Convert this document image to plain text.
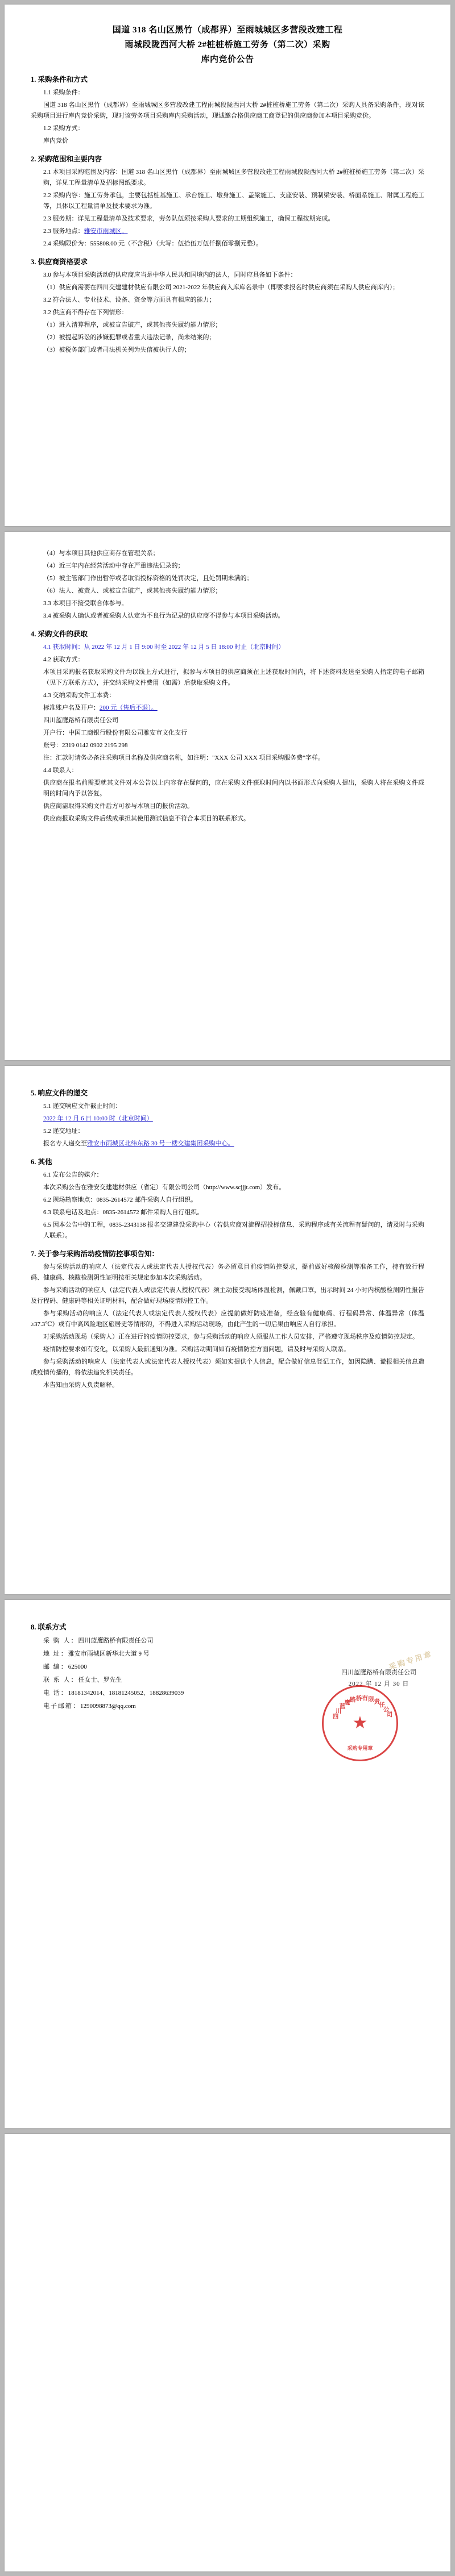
国道 318 名山区黑竹（成都界）至雨城城区多营段改建工程
雨城段陇西河大桥 2#桩桩桥施工劳务（第二次）采购
库内竞价公告
1. 采购条件和方式

1.1 采购条件：

国道 318 名山区黑竹（成都界）至雨城城区多营段改建工程雨城段陇西河大桥 2#桩桩桥施工劳务（第二次）采购人具备采购条件，现对该采购项目进行库内竞价采购，现对该劳务项目采购库内采购活动，现诚邀合格供应商工商登记的供应商参加本项目采购竞价。

1.2 采购方式：

库内竞价

2. 采购范围和主要内容

2.1 本项目采购范围及内容：国道 318 名山区黑竹（成都界）至雨城城区多营段改建工程雨城段陇西河大桥 2#桩桩桥施工劳务（第二次）采购，详见工程量清单及招标图纸要求。

2.2 采购内容：施工劳务承包，主要包括桩基施工、承台施工、墩身施工、盖梁施工、支座安装、预制梁安装、桥面系施工、附属工程施工等，具体以工程量清单及技术要求为准。

2.3 服务期：详见工程量清单及技术要求，劳务队伍须按采购人要求的工期组织施工，确保工程按期完成。

2.3 服务地点：雅安市雨城区。

2.4 采购限价为：555808.00 元（不含税）（大写：伍拾伍万伍仟捌佰零捌元整）。

3. 供应商资格要求

3.0 参与本项目采购活动的供应商应当是中华人民共和国境内的法人，同时应具备如下条件：

（1）供应商需要在四川交建建材供应有限公司 2021-2022 年供应商入库库名录中（即要求报名时供应商须在采购人供应商库内）；

3.2 符合法人、专业技术、设备、资金等方面具有相应的能力；

3.2 供应商不得存在下列情形：

（1）进入清算程序，或被宣告破产，或其他丧失履约能力情形；

（2）被提起诉讼的涉嫌犯罪或者重大违法记录，尚未结案的；

（3）被税务部门或者司法机关列为失信被执行人的；

（4）与本项目其他供应商存在管理关系；

（4）近三年内在经营活动中存在严重违法记录的；

（5）被主管部门作出暂停或者取消投标资格的处罚决定，且处罚期未满的；

（6）法人、被责人、或被宣告破产，或其他丧失履约能力情形；

3.3 本项目不接受联合体参与。

3.4 被采购人确认或者被采购人认定为不良行为记录的供应商不得参与本项目采购活动。

4. 采购文件的获取

4.1 获取时间：从 2022 年 12 月 1 日 9:00 时至 2022 年 12 月 5 日 18:00 时止（北京时间）

4.2 获取方式：

本项目采购报名获取采购文件均以线上方式进行，拟参与本项目的供应商须在上述获取时间内，将下述资料发送至采购人指定的电子邮箱（见下方联系方式），并交纳采购文件费用（如需）后获取采购文件。

4.3 交纳采购文件工本费：

标准账户名及开户：200 元（售后不退）。

四川蓝鹰路桥有限责任公司

开户行：中国工商银行股份有限公司雅安市文化支行

账号：2319 0142 0902 2195 298

注：汇款时请务必备注采购项目名称及供应商名称，如注明："XXX 公司 XXX 项目采购服务费"字样。

4.4 联系人：

供应商在报名前需要就其文件对本公告以上内容存在疑问的，应在采购文件获取时间内以书面形式向采购人提出，采购人将在采购文件载明的时间内予以答复。

供应商需取得采购文件后方可参与本项目的报价活动。

供应商报取采购文件后线成承担其使用测试信息不符合本项目的联系形式。

5. 响应文件的递交

5.1 递交响应文件截止时间：

2022 年 12 月 6 日 10:00 时（北京时间）

5.2 递交地址：

报名专人递交至雅安市雨城区北纬东路 30 号一楼交建集团采购中心。

6. 其他

6.1 发布公告的媒介：

本次采购公告在雅安交建建材供应（省定）有限公司公司（http://www.scjjjt.com）发布。

6.2 现场勘察地点：0835-2614572 邮件采购人自行组织。

6.3 联系电话及地点：0835-2614572 邮件采购人自行组织。

6.5 因本公告中的工程，0835-2343138 报名交建建设采购中心（若供应商对流程招投标信息、采购程序或有关流程有疑问的，请及时与采购人联系）。

7. 关于参与采购活动疫情防控事项告知：

参与采购活动的响应人（法定代表人或法定代表人授权代表）务必留意目前疫情防控要求，提前做好核酸检测等准备工作，持有效行程码、健康码、核酸检测阴性证明按相关规定参加本次采购活动。

参与采购活动的响应人（法定代表人或法定代表人授权代表）须主动接受现场体温检测，佩戴口罩，出示时间 24 小时内核酸检测阴性报告及行程码、健康码等相关证明材料，配合做好现场疫情防控工作。

参与采购活动的响应人（法定代表人或法定代表人授权代表）应提前做好防疫准备，经查验有健康码、行程码异常、体温异常（体温≥37.3℃）或有中高风险地区旅居史等情形的，不得进入采购活动现场，由此产生的一切后果由响应人自行承担。

对采购活动现场（采购人）正在进行的疫情防控要求，参与采购活动的响应人须服从工作人员安排，严格遵守现场秩序及疫情防控规定。

疫情防控要求如有变化，以采购人最新通知为准。采购活动期间如有疫情防控方面问题，请及时与采购人联系。

参与采购活动的响应人（法定代表人或法定代表人授权代表）须如实提供个人信息，配合做好信息登记工作，如因隐瞒、谎报相关信息造成疫情传播的，将依法追究相关责任。

本告知由采购人负责解释。

8. 联系方式

采 购 人：四川蓝鹰路桥有限责任公司

地 址：雅安市雨城区新华北大道 9 号

邮 编：625000

联 系 人：任女士、罗先生

电 话：18181342014、18181245052、18828639039

电子邮箱：1290098873@qq.com

采购专用章
四川蓝鹰路桥有限责任公司
2022 年 12 月 30 日
四
川
蓝
鹰 路 桥 有 限 责
任
公
司
★
采购专用章
